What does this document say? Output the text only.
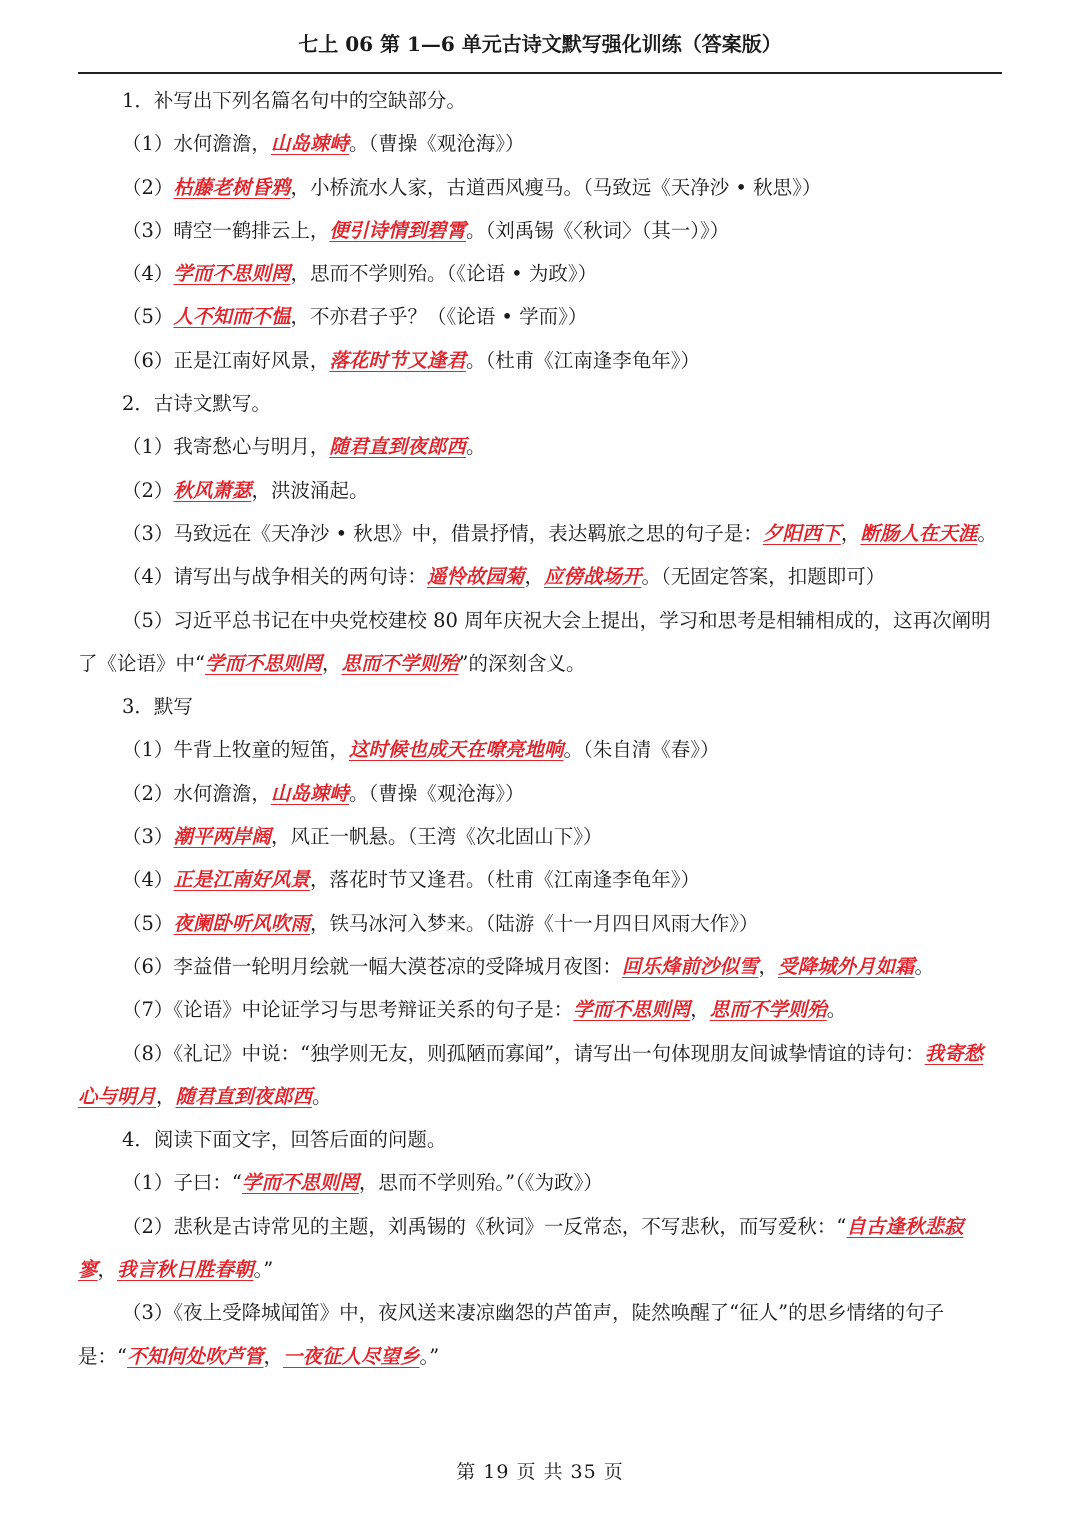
七上 06 第 1—6 单元古诗文默写强化训练（答案版）

1．补写出下列名篇名句中的空缺部分。

（1）水何澹澹，山岛竦峙。（曹操《观沧海》）

（2）枯藤老树昏鸦，小桥流水人家，古道西风瘦马。（马致远《天净沙 • 秋思》）

（3）晴空一鹤排云上，便引诗情到碧霄。（刘禹锡《〈秋词〉（其一）》）

（4）学而不思则罔，思而不学则殆。（《论语 • 为政》）

（5）人不知而不愠，不亦君子乎？（《论语 • 学而》）

（6）正是江南好风景，落花时节又逢君。（杜甫《江南逢李龟年》）

2．古诗文默写。

（1）我寄愁心与明月，随君直到夜郎西。

（2）秋风萧瑟，洪波涌起。

（3）马致远在《天净沙 • 秋思》中，借景抒情，表达羁旅之思的句子是：夕阳西下，断肠人在天涯。

（4）请写出与战争相关的两句诗：遥怜故园菊，应傍战场开。（无固定答案，扣题即可）

（5）习近平总书记在中央党校建校 80 周年庆祝大会上提出，学习和思考是相辅相成的，这再次阐明了《论语》中“学而不思则罔，思而不学则殆”的深刻含义。

3．默写

（1）牛背上牧童的短笛，这时候也成天在嘹亮地响。（朱自清《春》）

（2）水何澹澹，山岛竦峙。（曹操《观沧海》）

（3）潮平两岸阔，风正一帆悬。（王湾《次北固山下》）

（4）正是江南好风景，落花时节又逢君。（杜甫《江南逢李龟年》）

（5）夜阑卧听风吹雨，铁马冰河入梦来。（陆游《十一月四日风雨大作》）

（6）李益借一轮明月绘就一幅大漠苍凉的受降城月夜图：回乐烽前沙似雪，受降城外月如霜。

（7）《论语》中论证学习与思考辩证关系的句子是：学而不思则罔，思而不学则殆。

（8）《礼记》中说：“独学则无友，则孤陋而寡闻”，请写出一句体现朋友间诚挚情谊的诗句：我寄愁心与明月，随君直到夜郎西。

4．阅读下面文字，回答后面的问题。

（1）子曰：“学而不思则罔，思而不学则殆。”（《为政》）

（2）悲秋是古诗常见的主题，刘禹锡的《秋词》一反常态，不写悲秋，而写爱秋：“自古逢秋悲寂寥，我言秋日胜春朝。”

（3）《夜上受降城闻笛》中，夜风送来凄凉幽怨的芦笛声，陡然唤醒了“征人”的思乡情绪的句子是：“不知何处吹芦管，一夜征人尽望乡。”

第 19 页 共 35 页
